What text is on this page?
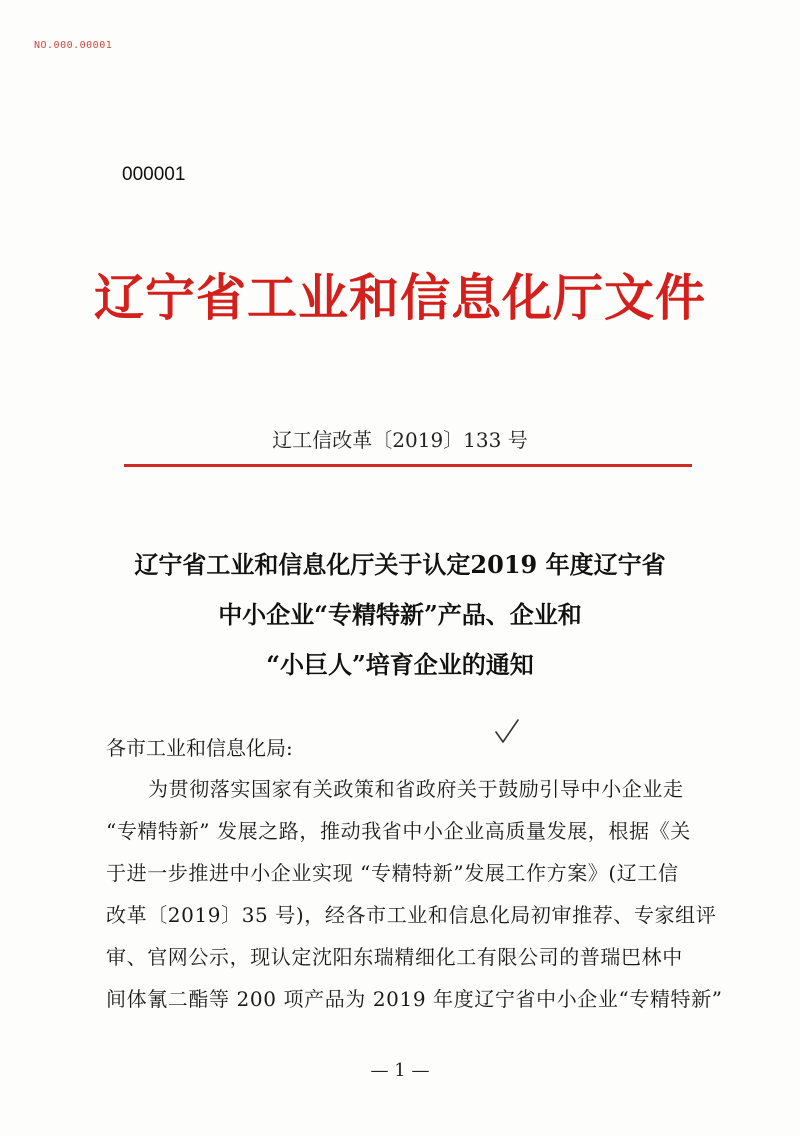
NO.000.00001
000001
辽宁省工业和信息化厅文件
辽工信改革〔2019〕133 号
辽宁省工业和信息化厅关于认定2019 年度辽宁省
中小企业“专精特新”产品、企业和
“小巨人”培育企业的通知
各市工业和信息化局:
为贯彻落实国家有关政策和省政府关于鼓励引导中小企业走
“专精特新” 发展之路，推动我省中小企业高质量发展，根据《关
于进一步推进中小企业实现 “专精特新”发展工作方案》(辽工信
改革〔2019〕35 号)，经各市工业和信息化局初审推荐、专家组评
审、官网公示，现认定沈阳东瑞精细化工有限公司的普瑞巴林中
间体氰二酯等 200 项产品为 2019 年度辽宁省中小企业“专精特新”
— 1 —
